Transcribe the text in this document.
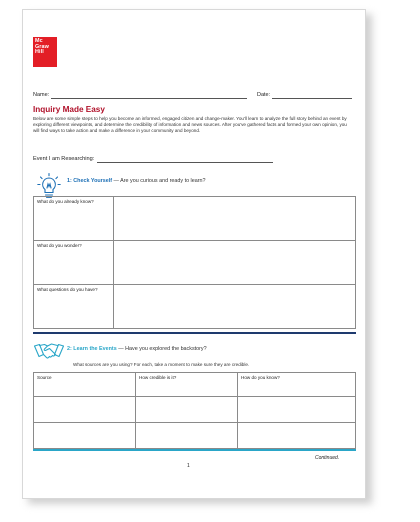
Mc
Graw
Hill
Name:	Date:
Inquiry Made Easy
Below are some simple steps to help you become an informed, engaged citizen and change-maker. You'll learn to analyze the full story behind an event by exploring different viewpoints, and determine the credibility of information and news sources. After you've gathered facts and formed your own opinion, you will find ways to take action and make a difference in your community and beyond.
Event I am Researching:
1: Check Yourself — Are you curious and ready to learn?
What do you already know?	
What do you wonder?	
What questions do you have?	
2: Learn the Events — Have you explored the backstory?
What sources are you using? For each, take a moment to make sure they are credible.
Source	How credible is it?	How do you know?

Continued.
1
